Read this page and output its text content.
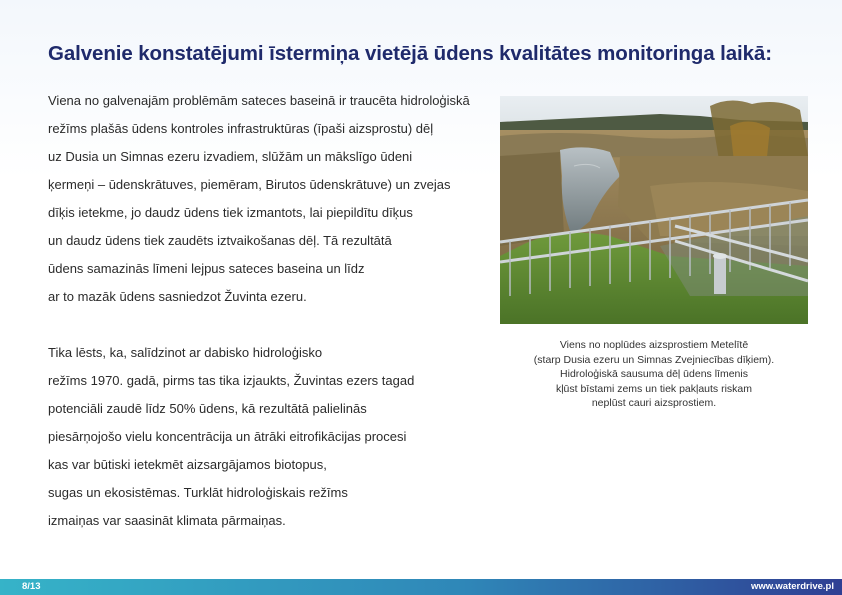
Galvenie konstatējumi īstermiņa vietējā ūdens kvalitātes monitoringa laikā:
Viena no galvenajām problēmām sateces baseinā ir traucēta hidroloģiskā
režīms plašās ūdens kontroles infrastruktūras (īpaši aizsprostu) dēļ
uz Dusia un Simnas ezeru izvadiem, slūžām un mākslīgo ūdeni
ķermeņi – ūdenskrātuves, piemēram, Birutos ūdenskrātuve) un zvejas
dīķis ietekme, jo daudz ūdens tiek izmantots, lai piepildītu dīķus
un daudz ūdens tiek zaudēts iztvaikošanas dēļ. Tā rezultātā
ūdens samazinās līmeni lejpus sateces baseina un līdz
ar to mazāk ūdens sasniedzot Žuvinta ezeru.
Tika lēsts, ka, salīdzinot ar dabisko hidroloģisko
režīms 1970. gadā, pirms tas tika izjaukts, Žuvintas ezers tagad
potenciāli zaudē līdz 50% ūdens, kā rezultātā palielinās
piesārņojošo vielu koncentrācija un ātrāki eitrofikācijas procesi
kas var būtiski ietekmēt aizsargājamos biotopus,
sugas un ekosistēmas. Turklāt hidroloģiskais režīms
izmaiņas var saasināt klimata pārmaiņas.
Viens no noplūdes aizsprostiem Metelītē
(starp Dusia ezeru un Simnas Zvejniecības dīķiem).
Hidroloģiskā sausuma dēļ ūdens līmenis
kļūst bīstami zems un tiek pakļauts riskam
neplūst cauri aizsprostiem.
8/13	www.waterdrive.pl
